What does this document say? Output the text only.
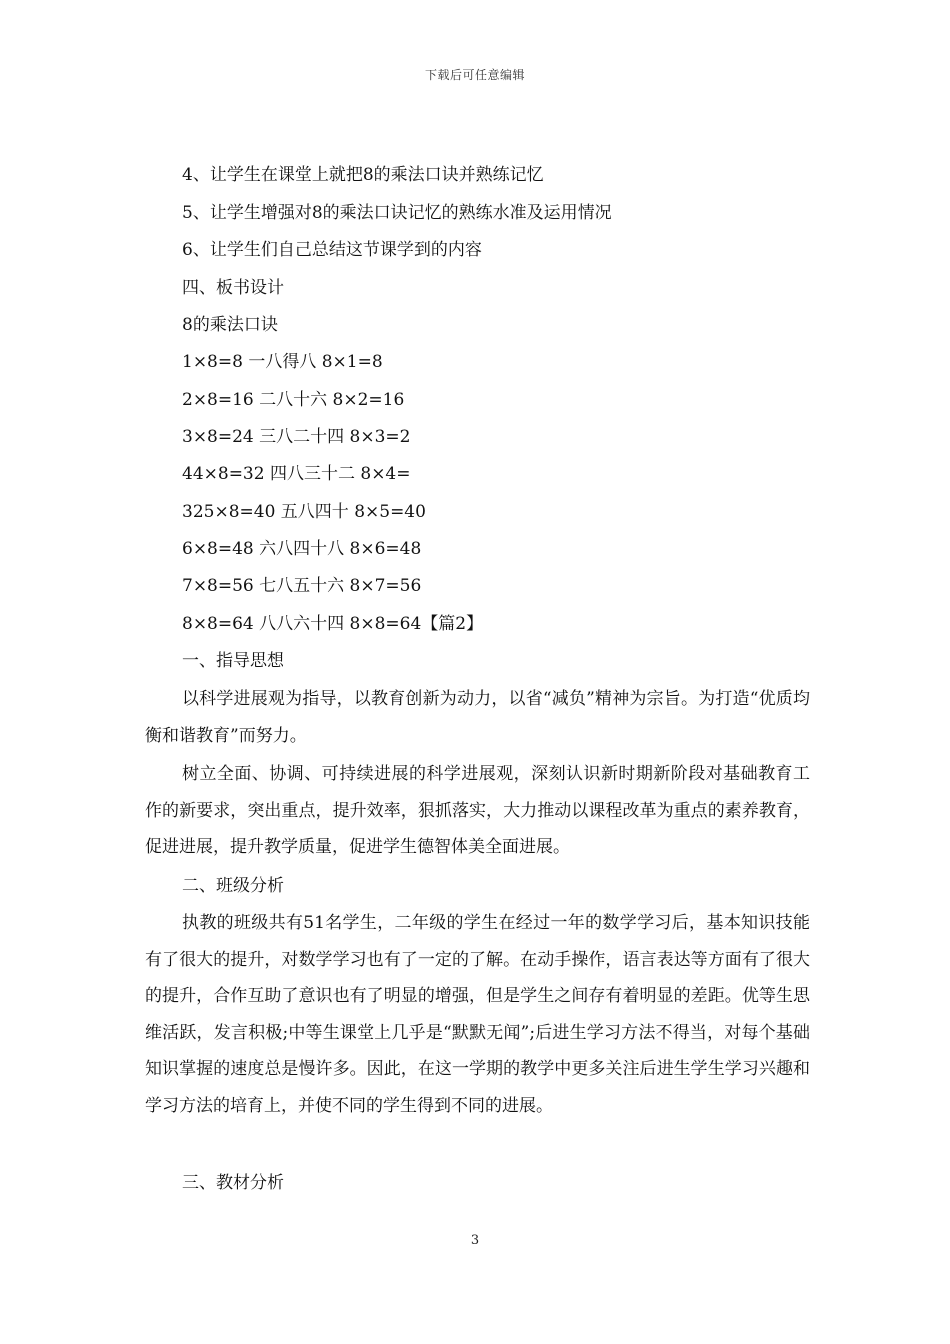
下载后可任意编辑
4、让学生在课堂上就把8的乘法口诀并熟练记忆
5、让学生增强对8的乘法口诀记忆的熟练水准及运用情况
6、让学生们自己总结这节课学到的内容
四、板书设计
8的乘法口诀
1×8=8 一八得八 8×1=8
2×8=16 二八十六 8×2=16
3×8=24 三八二十四 8×3=2
44×8=32 四八三十二 8×4=
325×8=40 五八四十 8×5=40
6×8=48 六八四十八 8×6=48
7×8=56 七八五十六 8×7=56
8×8=64 八八六十四 8×8=64【篇2】
一、指导思想
以科学进展观为指导，以教育创新为动力，以省“减负”精神为宗旨。为打造“优质均衡和谐教育”而努力。
树立全面、协调、可持续进展的科学进展观，深刻认识新时期新阶段对基础教育工作的新要求，突出重点，提升效率，狠抓落实，大力推动以课程改革为重点的素养教育，促进进展，提升教学质量，促进学生德智体美全面进展。
二、班级分析
执教的班级共有51名学生，二年级的学生在经过一年的数学学习后，基本知识技能有了很大的提升，对数学学习也有了一定的了解。在动手操作，语言表达等方面有了很大的提升，合作互助了意识也有了明显的增强，但是学生之间存有着明显的差距。优等生思维活跃，发言积极;中等生课堂上几乎是“默默无闻”;后进生学习方法不得当，对每个基础知识掌握的速度总是慢许多。因此，在这一学期的教学中更多关注后进生学生学习兴趣和学习方法的培育上，并使不同的学生得到不同的进展。
三、教材分析
3
